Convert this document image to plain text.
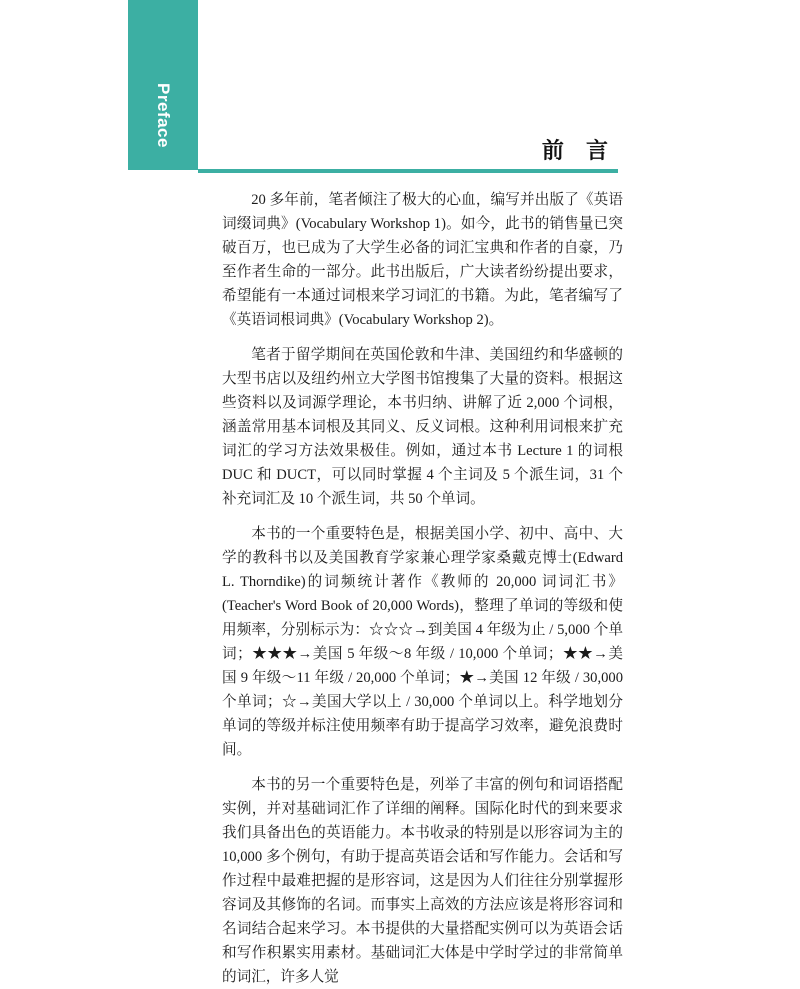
Preface
前 言

20 多年前，笔者倾注了极大的心血，编写并出版了《英语词缀词典》(Vocabulary Workshop 1)。如今，此书的销售量已突破百万，也已成为了大学生必备的词汇宝典和作者的自豪，乃至作者生命的一部分。此书出版后，广大读者纷纷提出要求，希望能有一本通过词根来学习词汇的书籍。为此，笔者编写了《英语词根词典》(Vocabulary Workshop 2)。

笔者于留学期间在英国伦敦和牛津、美国纽约和华盛顿的大型书店以及纽约州立大学图书馆搜集了大量的资料。根据这些资料以及词源学理论，本书归纳、讲解了近 2,000 个词根，涵盖常用基本词根及其同义、反义词根。这种利用词根来扩充词汇的学习方法效果极佳。例如，通过本书 Lecture 1 的词根 DUC 和 DUCT，可以同时掌握 4 个主词及 5 个派生词，31 个补充词汇及 10 个派生词，共 50 个单词。

本书的一个重要特色是，根据美国小学、初中、高中、大学的教科书以及美国教育学家兼心理学家桑戴克博士(Edward L. Thorndike)的词频统计著作《教师的 20,000 词词汇书》(Teacher's Word Book of 20,000 Words)，整理了单词的等级和使用频率，分别标示为：☆☆☆→到美国 4 年级为止 / 5,000 个单词；★★★→美国 5 年级～8 年级 / 10,000 个单词；★★→美国 9 年级～11 年级 / 20,000 个单词；★→美国 12 年级 / 30,000 个单词；☆→美国大学以上 / 30,000 个单词以上。科学地划分单词的等级并标注使用频率有助于提高学习效率，避免浪费时间。

本书的另一个重要特色是，列举了丰富的例句和词语搭配实例，并对基础词汇作了详细的阐释。国际化时代的到来要求我们具备出色的英语能力。本书收录的特别是以形容词为主的 10,000 多个例句，有助于提高英语会话和写作能力。会话和写作过程中最难把握的是形容词，这是因为人们往往分别掌握形容词及其修饰的名词。而事实上高效的方法应该是将形容词和名词结合起来学习。本书提供的大量搭配实例可以为英语会话和写作积累实用素材。基础词汇大体是中学时学过的非常简单的词汇，许多人觉
